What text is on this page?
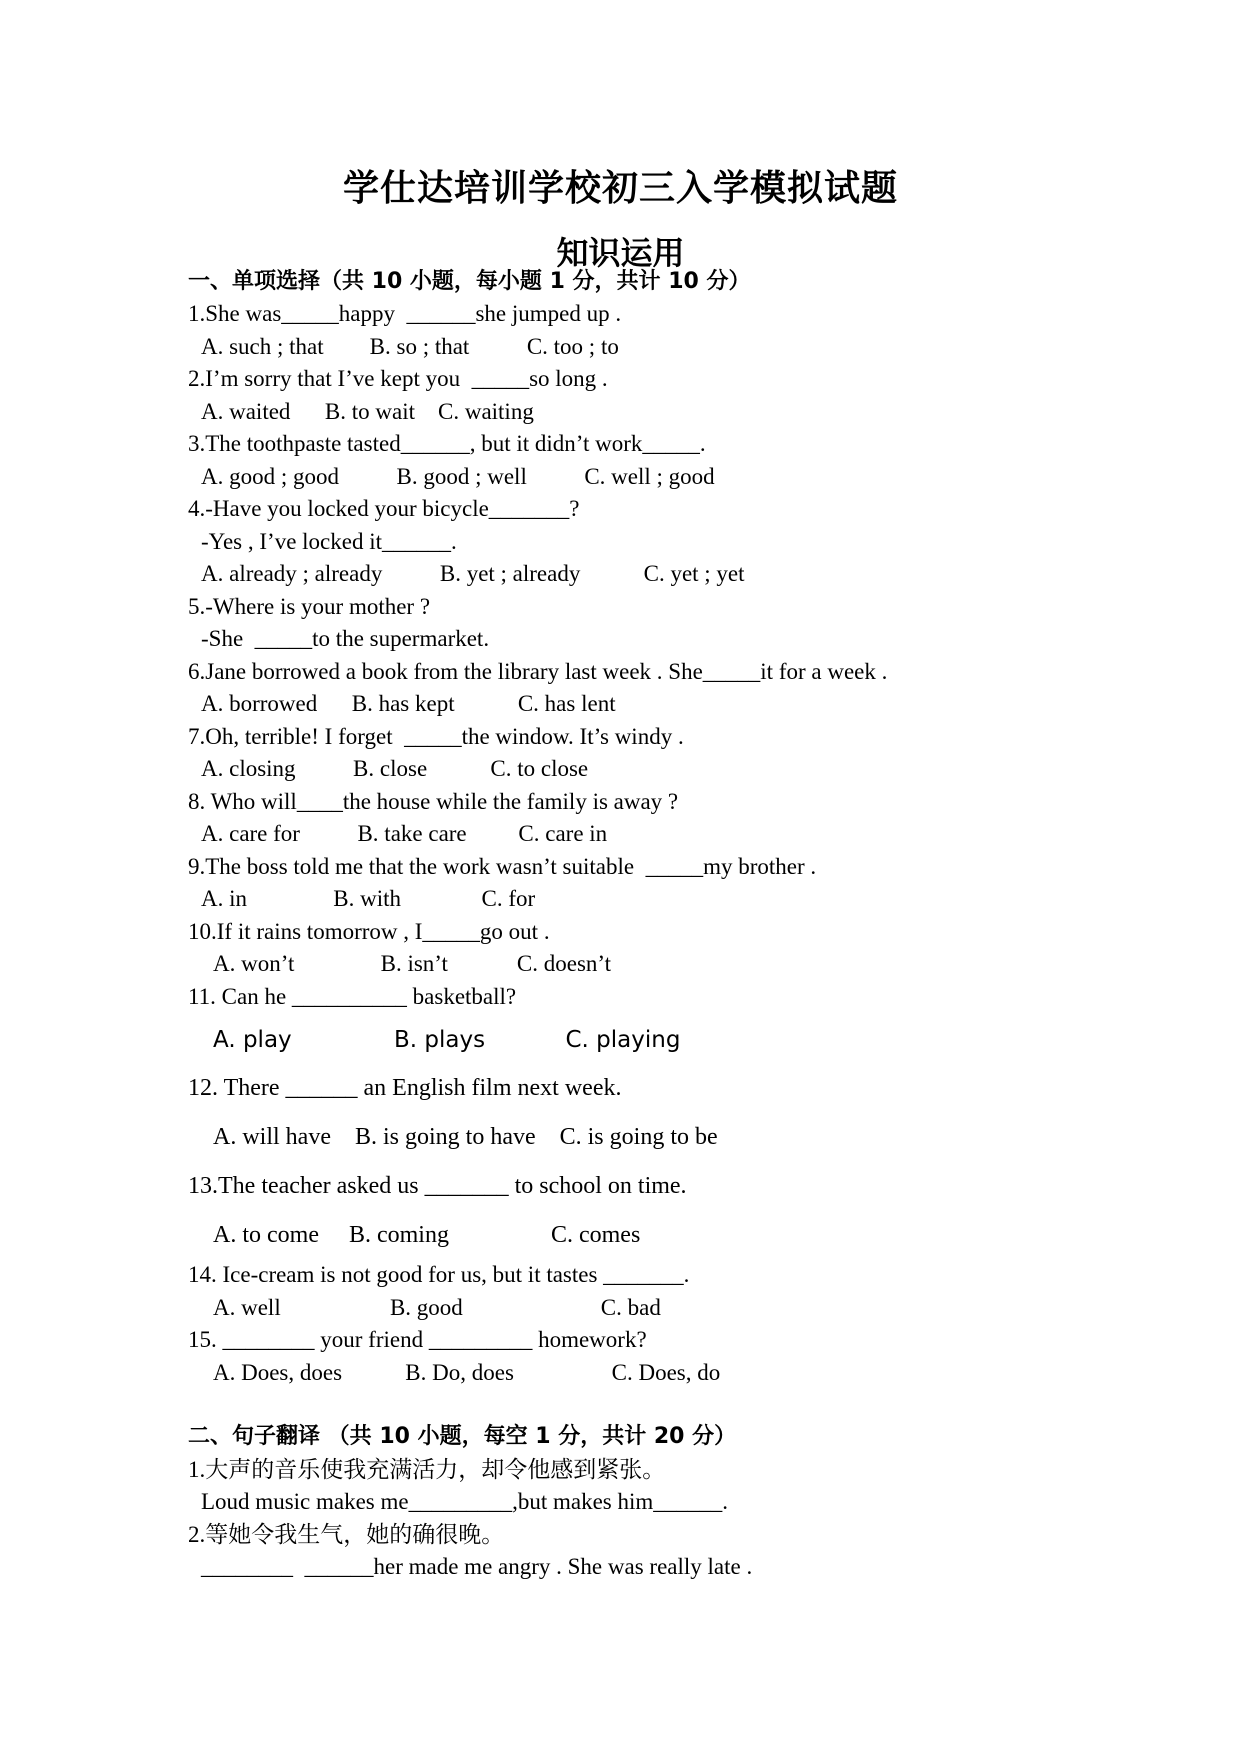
学仕达培训学校初三入学模拟试题
知识运用
一、单项选择（共 10 小题，每小题 1 分，共计 10 分）
1.She was_____happy  ______she jumped up .
A. such ; that        B. so ; that          C. too ; to
2.I’m sorry that I’ve kept you  _____so long .
A. waited      B. to wait    C. waiting
3.The toothpaste tasted______, but it didn’t work_____.
A. good ; good          B. good ; well          C. well ; good
4.-Have you locked your bicycle_______?
-Yes , I’ve locked it______.
A. already ; already          B. yet ; already           C. yet ; yet
5.-Where is your mother ?
-She  _____to the supermarket.
6.Jane borrowed a book from the library last week . She_____it for a week .
A. borrowed      B. has kept           C. has lent
7.Oh, terrible! I forget  _____the window. It’s windy .
A. closing          B. close           C. to close
8. Who will____the house while the family is away ?
A. care for          B. take care         C. care in
9.The boss told me that the work wasn’t suitable  _____my brother .
A. in               B. with              C. for
10.If it rains tomorrow , I_____go out .
A. won’t               B. isn’t            C. doesn’t
11. Can he __________ basketball?
A. play              B. plays           C. playing
12. There ______ an English film next week.
A. will have    B. is going to have    C. is going to be
13.The teacher asked us _______ to school on time.
A. to come     B. coming                 C. comes
14. Ice-cream is not good for us, but it tastes _______.
A. well                   B. good                        C. bad
15. ________ your friend _________ homework?
A. Does, does           B. Do, does                 C. Does, do
二、句子翻译 （共 10 小题，每空 1 分，共计 20 分）
1.大声的音乐使我充满活力，却令他感到紧张。
Loud music makes me_________,but makes him______.
2.等她令我生气，她的确很晚。
________  ______her made me angry . She was really late .
